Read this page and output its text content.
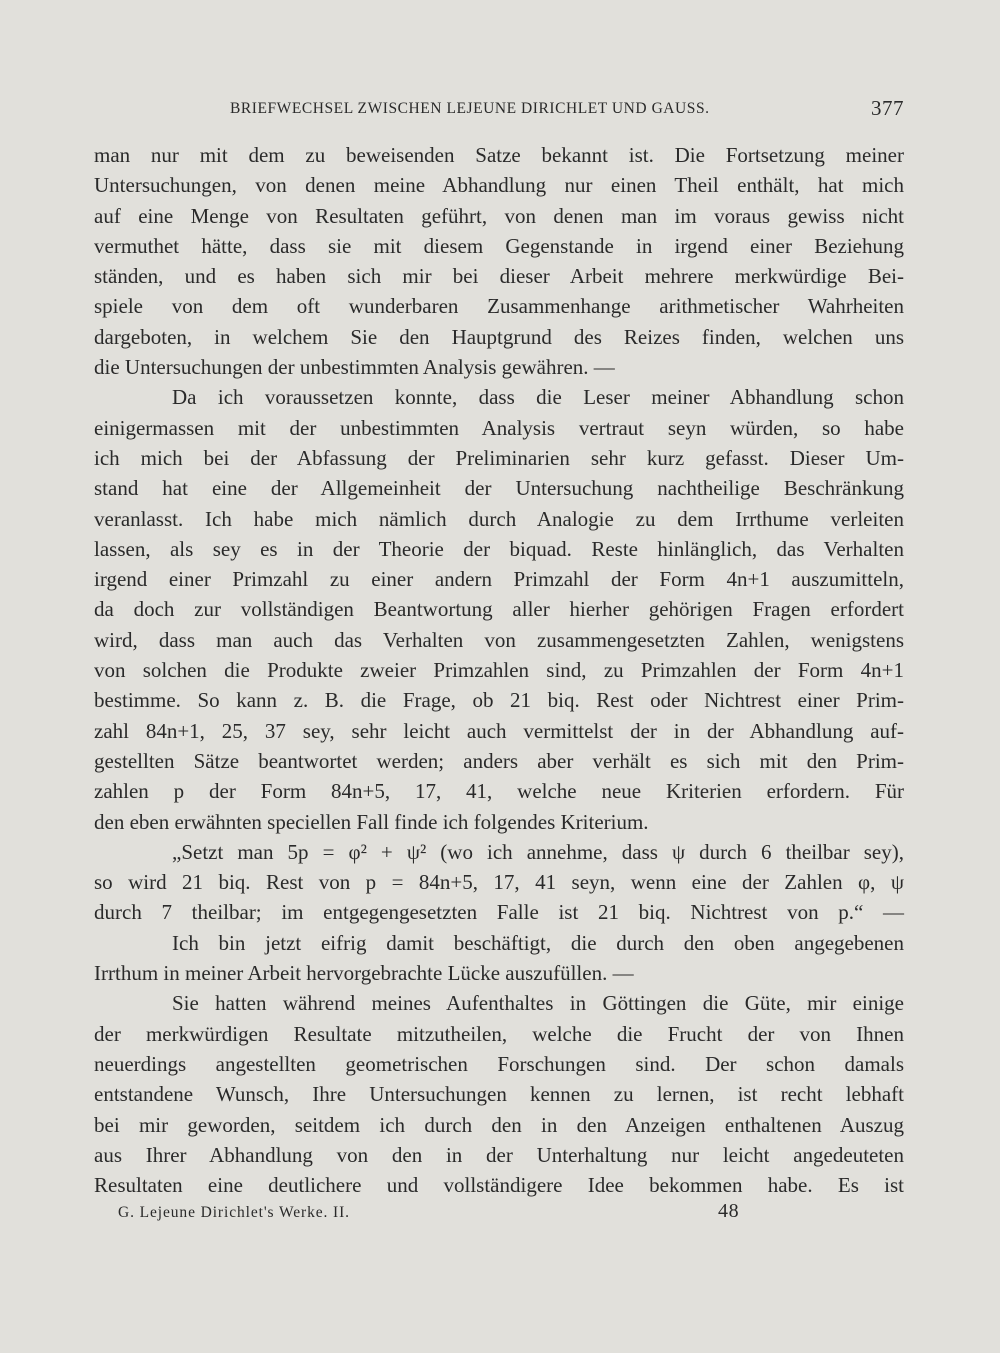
BRIEFWECHSEL ZWISCHEN LEJEUNE DIRICHLET UND GAUSS.	377
man nur mit dem zu beweisenden Satze bekannt ist. Die Fortsetzung meiner
Untersuchungen, von denen meine Abhandlung nur einen Theil enthält, hat mich
auf eine Menge von Resultaten geführt, von denen man im voraus gewiss nicht
vermuthet hätte, dass sie mit diesem Gegenstande in irgend einer Beziehung
ständen, und es haben sich mir bei dieser Arbeit mehrere merkwürdige Bei-
spiele von dem oft wunderbaren Zusammenhange arithmetischer Wahrheiten
dargeboten, in welchem Sie den Hauptgrund des Reizes finden, welchen uns
die Untersuchungen der unbestimmten Analysis gewähren. —
Da ich voraussetzen konnte, dass die Leser meiner Abhandlung schon
einigermassen mit der unbestimmten Analysis vertraut seyn würden, so habe
ich mich bei der Abfassung der Preliminarien sehr kurz gefasst. Dieser Um-
stand hat eine der Allgemeinheit der Untersuchung nachtheilige Beschränkung
veranlasst. Ich habe mich nämlich durch Analogie zu dem Irrthume verleiten
lassen, als sey es in der Theorie der biquad. Reste hinlänglich, das Verhalten
irgend einer Primzahl zu einer andern Primzahl der Form 4n+1 auszumitteln,
da doch zur vollständigen Beantwortung aller hierher gehörigen Fragen erfordert
wird, dass man auch das Verhalten von zusammengesetzten Zahlen, wenigstens
von solchen die Produkte zweier Primzahlen sind, zu Primzahlen der Form 4n+1
bestimme. So kann z. B. die Frage, ob 21 biq. Rest oder Nichtrest einer Prim-
zahl 84n+1, 25, 37 sey, sehr leicht auch vermittelst der in der Abhandlung auf-
gestellten Sätze beantwortet werden; anders aber verhält es sich mit den Prim-
zahlen p der Form 84n+5, 17, 41, welche neue Kriterien erfordern. Für
den eben erwähnten speciellen Fall finde ich folgendes Kriterium.
„Setzt man 5p = φ² + ψ² (wo ich annehme, dass ψ durch 6 theilbar sey),
so wird 21 biq. Rest von p = 84n+5, 17, 41 seyn, wenn eine der Zahlen φ, ψ
durch 7 theilbar; im entgegengesetzten Falle ist 21 biq. Nichtrest von p.“ —
Ich bin jetzt eifrig damit beschäftigt, die durch den oben angegebenen
Irrthum in meiner Arbeit hervorgebrachte Lücke auszufüllen. —
Sie hatten während meines Aufenthaltes in Göttingen die Güte, mir einige
der merkwürdigen Resultate mitzutheilen, welche die Frucht der von Ihnen
neuerdings angestellten geometrischen Forschungen sind. Der schon damals
entstandene Wunsch, Ihre Untersuchungen kennen zu lernen, ist recht lebhaft
bei mir geworden, seitdem ich durch den in den Anzeigen enthaltenen Auszug
aus Ihrer Abhandlung von den in der Unterhaltung nur leicht angedeuteten
Resultaten eine deutlichere und vollständigere Idee bekommen habe. Es ist
G. Lejeune Dirichlet's Werke. II.	48
